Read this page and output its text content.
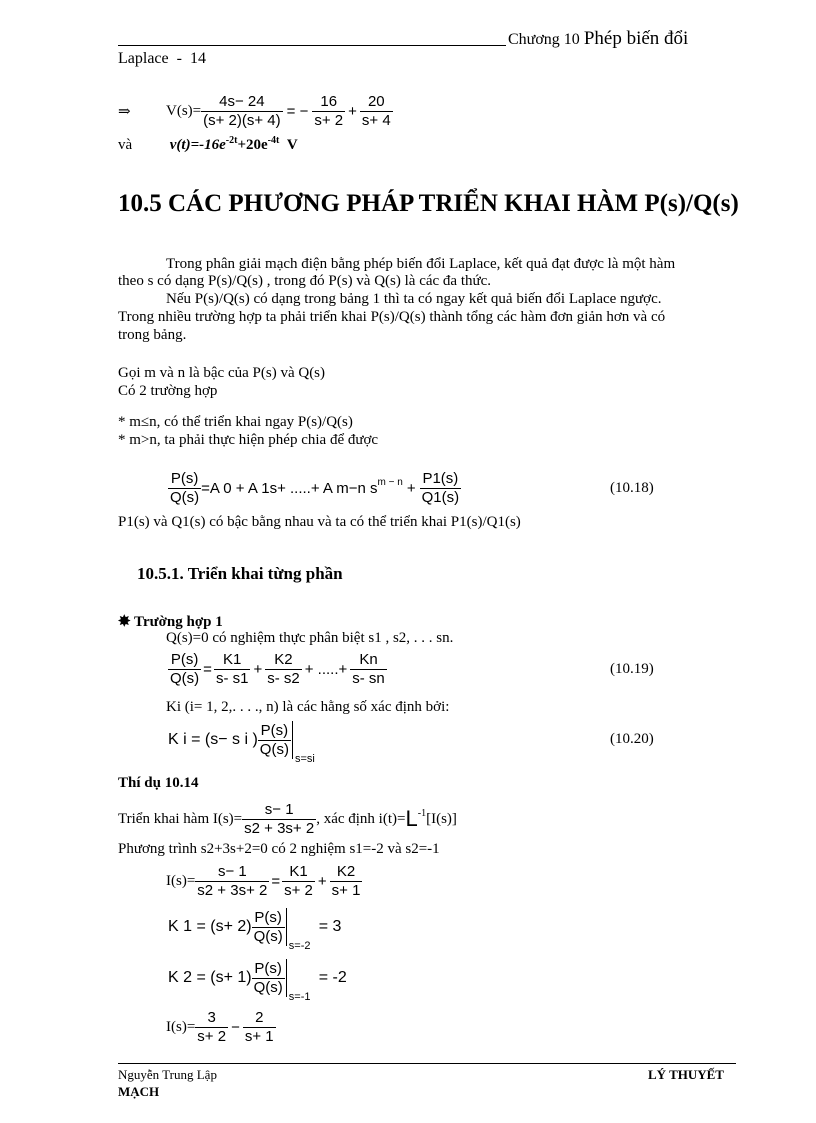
Chương 10 Phép biến đổi
Laplace - 14
⇒	$V(s)= \frac{4s- 24}{(s+ 2)(s+ 4)}$ = − $\frac{16}{s+ 2} + \frac{20}{s+ 4}$
và	$v(t)=-16e^{-2t}+20e^{-4t}$ V
10.5 CÁC PHƯƠNG PHÁP TRIỂN KHAI HÀM P(s)/Q(s)
Trong phân giải mạch điện bằng phép biến đổi Laplace, kết quả đạt được là một hàm
theo s có dạng P(s)/Q(s) , trong đó P(s) và Q(s) là các đa thức.
Nếu P(s)/Q(s) có dạng trong bảng 1 thì ta có ngay kết quả biến đổi Laplace ngược.
Trong nhiều trường hợp ta phải triển khai P(s)/Q(s) thành tổng các hàm đơn giản hơn và có
trong bảng.
Gọi m và n là bậc của P(s) và Q(s)
Có 2 trường hợp
* m≤n, có thể triển khai ngay P(s)/Q(s)
* m>n, ta phải thực hiện phép chia để được
$\frac{P(s)}{Q(s)} =A$ 0 + A 1s+ .....+ A m−n $s^{m - n} + \frac{P1(s)}{Q1(s)}$	(10.18)
P1(s) và Q1(s) có bậc bằng nhau và ta có thể triển khai P1(s)/Q1(s)
10.5.1. Triển khai từng phần
✸ Trường hợp 1
Q(s)=0 có nghiệm thực phân biệt s1 , s2, . . . sn.
$\frac{P(s)}{Q(s)} = \frac{K1}{s- s1} + \frac{K2}{s- s2}$ + .....+ $\frac{Kn}{s- sn}$	(10.19)
Ki (i= 1, 2,. . . ., n) là các hằng số xác định bởi:
K i = (s− s i ) $\frac{P(s)}{Q(s)}$
s=si
(10.20)
Thí dụ 10.14
Triển khai hàm $I(s)= \frac{s- 1}{s2 + 3s+ 2}$ , xác định $i(t)= L^{-1}$ [I(s)]
Phương trình s2+3s+2=0 có 2 nghiệm s1=-2 và s2=-1
$I(s)= \frac{s- 1}{s2 + 3s+ 2} = \frac{K1}{s+ 2} + \frac{K2}{s+ 1}$
K $1 = (s+ 2) \frac{P(s)}{Q(s)}$
s=-2
= 3
K $2 = (s+ 1) \frac{P(s)}{Q(s)}$
s=-1
= -2
$I(s)= \frac{3}{s+ 2} - \frac{2}{s+ 1}$
Nguyễn Trung Lập	LÝ THUYẾT
MẠCH
